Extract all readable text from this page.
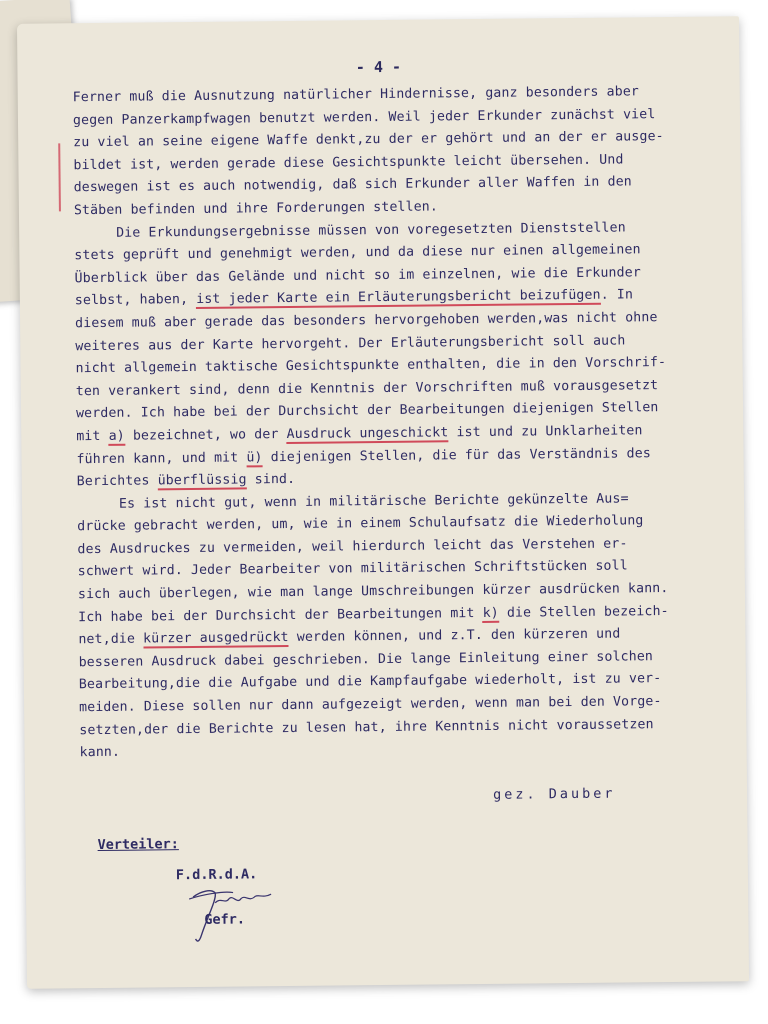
- 4 -
Ferner muß die Ausnutzung natürlicher Hindernisse, ganz besonders aber
gegen Panzerkampfwagen benutzt werden. Weil jeder Erkunder zunächst viel
zu viel an seine eigene Waffe denkt,zu der er gehört und an der er ausge-
bildet ist, werden gerade diese Gesichtspunkte leicht übersehen. Und
deswegen ist es auch notwendig, daß sich Erkunder aller Waffen in den
Stäben befinden und ihre Forderungen stellen.
Die Erkundungsergebnisse müssen von voregesetzten Dienststellen
stets geprüft und genehmigt werden, und da diese nur einen allgemeinen
Überblick über das Gelände und nicht so im einzelnen, wie die Erkunder
selbst, haben, ist jeder Karte ein Erläuterungsbericht beizufügen. In
diesem muß aber gerade das besonders hervorgehoben werden,was nicht ohne
weiteres aus der Karte hervorgeht. Der Erläuterungsbericht soll auch
nicht allgemein taktische Gesichtspunkte enthalten, die in den Vorschrif-
ten verankert sind, denn die Kenntnis der Vorschriften muß vorausgesetzt
werden. Ich habe bei der Durchsicht der Bearbeitungen diejenigen Stellen
mit a) bezeichnet, wo der Ausdruck ungeschickt ist und zu Unklarheiten
führen kann, und mit ü) diejenigen Stellen, die für das Verständnis des
Berichtes überflüssig sind.
Es ist nicht gut, wenn in militärische Berichte gekünzelte Aus=
drücke gebracht werden, um, wie in einem Schulaufsatz die Wiederholung
des Ausdruckes zu vermeiden, weil hierdurch leicht das Verstehen er-
schwert wird. Jeder Bearbeiter von militärischen Schriftstücken soll
sich auch überlegen, wie man lange Umschreibungen kürzer ausdrücken kann.
Ich habe bei der Durchsicht der Bearbeitungen mit k) die Stellen bezeich-
net,die kürzer ausgedrückt werden können, und z.T. den kürzeren und
besseren Ausdruck dabei geschrieben. Die lange Einleitung einer solchen
Bearbeitung,die die Aufgabe und die Kampfaufgabe wiederholt, ist zu ver-
meiden. Diese sollen nur dann aufgezeigt werden, wenn man bei den Vorge-
setzten,der die Berichte zu lesen hat, ihre Kenntnis nicht voraussetzen
kann.
gez. Dauber
Verteiler:
F.d.R.d.A.
Gefr.
